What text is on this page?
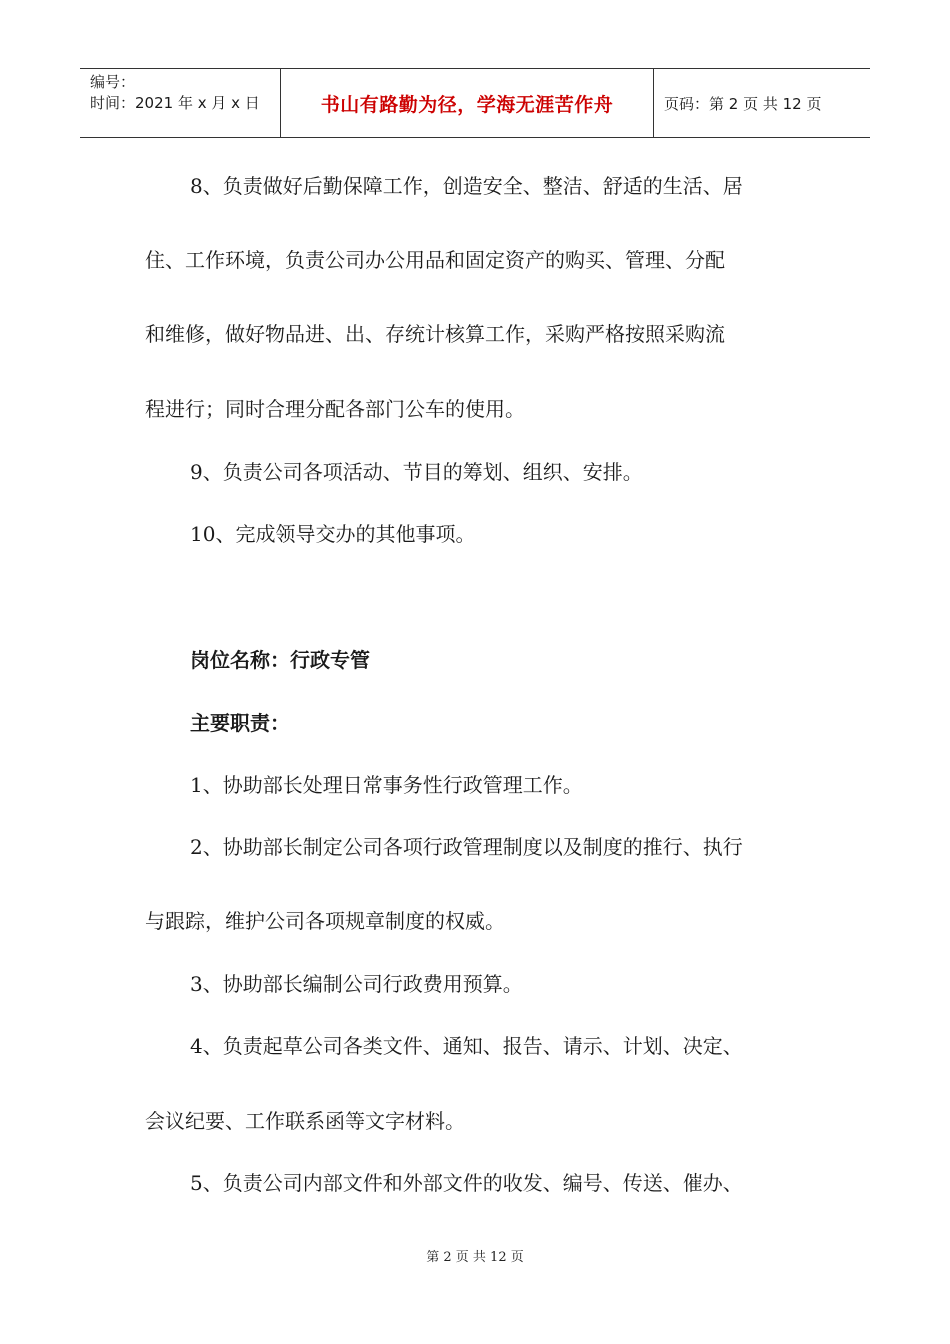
编号：
时间：2021 年 x 月 x 日	书山有路勤为径，学海无涯苦作舟	页码：第 2 页 共 12 页
8、负责做好后勤保障工作，创造安全、整洁、舒适的生活、居
住、工作环境，负责公司办公用品和固定资产的购买、管理、分配
和维修，做好物品进、出、存统计核算工作，采购严格按照采购流
程进行；同时合理分配各部门公车的使用。
9、负责公司各项活动、节目的筹划、组织、安排。
10、完成领导交办的其他事项。
岗位名称：行政专管
主要职责：
1、协助部长处理日常事务性行政管理工作。
2、协助部长制定公司各项行政管理制度以及制度的推行、执行
与跟踪，维护公司各项规章制度的权威。
3、协助部长编制公司行政费用预算。
4、负责起草公司各类文件、通知、报告、请示、计划、决定、
会议纪要、工作联系函等文字材料。
5、负责公司内部文件和外部文件的收发、编号、传送、催办、
第 2 页 共 12 页
